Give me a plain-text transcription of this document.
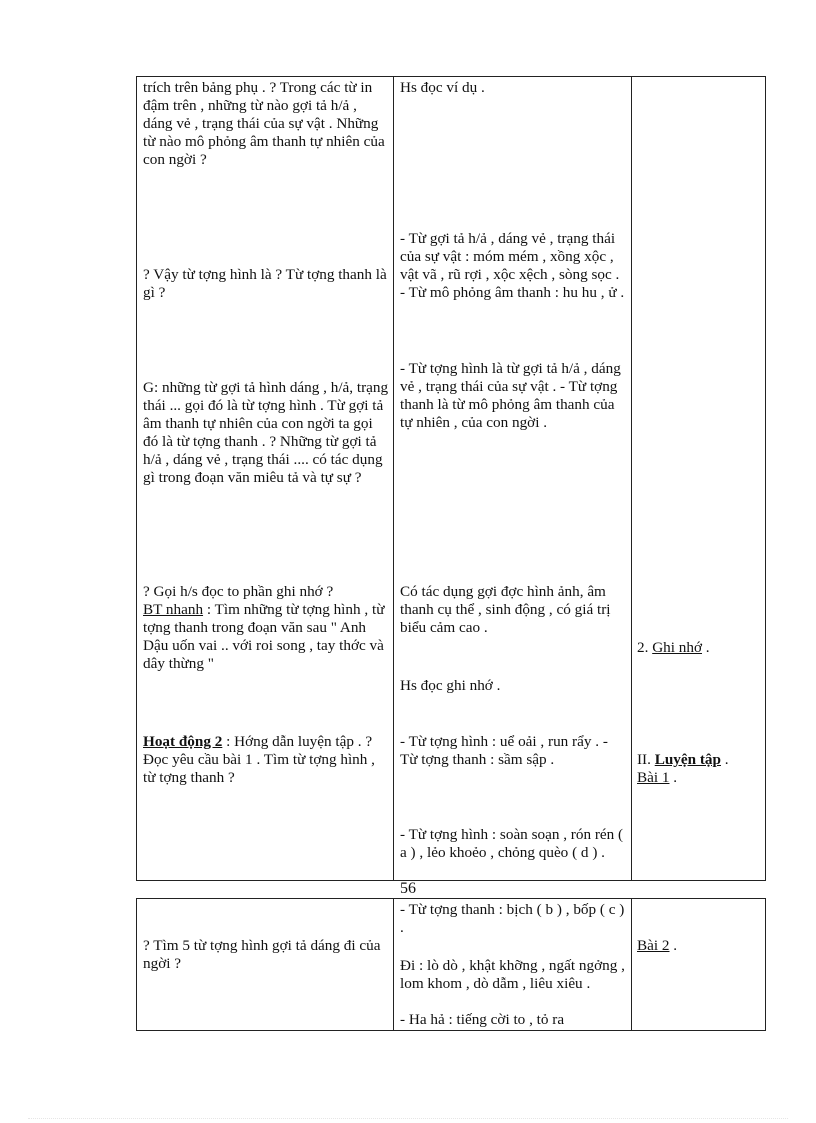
trích trên bảng phụ . ? Trong các từ in đậm trên , những từ nào gợi tả h/ả , dáng vẻ , trạng thái của sự vật . Những từ nào mô phỏng âm thanh tự nhiên của con ngời ?
? Vậy từ tợng hình là ? Từ tợng thanh là gì ?
G: những từ gợi tả hình dáng , h/ả, trạng thái ... gọi đó là từ tợng hình . Từ gợi tả âm thanh tự nhiên của con ngời ta gọi đó là từ tợng thanh . ? Những từ gợi tả h/ả , dáng vẻ , trạng thái .... có tác dụng gì trong đoạn văn miêu tả và tự sự ?
? Gọi h/s đọc to phần ghi nhớ ?
BT nhanh : Tìm những từ tợng hình , từ tợng thanh trong đoạn văn sau " Anh Dậu uốn vai .. với roi song , tay thớc và dây thừng "
Hoạt động 2 : Hớng dẫn luyện tập . ? Đọc yêu cầu bài 1 . Tìm từ tợng hình , từ tợng thanh ?
Hs đọc ví dụ .
- Từ gợi tả h/ả , dáng vẻ , trạng thái của sự vật : móm mém , xồng xộc , vật vã , rũ rợi , xộc xệch , sòng sọc . - Từ mô phỏng âm thanh : hu hu , ử .
- Từ tợng hình là từ gợi tả h/ả , dáng vẻ , trạng thái của sự vật . - Từ tợng thanh là từ mô phỏng âm thanh của tự nhiên , của con ngời .
Có tác dụng gợi đợc hình ảnh, âm thanh cụ thể , sinh động , có giá trị biểu cảm cao .
Hs đọc ghi nhớ .
- Từ tợng hình : uể oải , run rẩy . - Từ tợng thanh : sầm sập .
- Từ tợng hình : soàn soạn , rón rén ( a ) , lẻo khoẻo , chỏng quèo ( d ) .
2. Ghi nhớ .
II. Luyện tập .
Bài 1 .
56
? Tìm 5 từ tợng hình gợi tả dáng đi của ngời ?
- Từ tợng thanh : bịch ( b ) , bốp ( c ) .
Đi : lò dò , khật khỡng , ngất ngởng , lom khom , dò dẫm , liêu xiêu .
- Ha hả : tiếng cời to , tỏ ra
Bài 2 .
